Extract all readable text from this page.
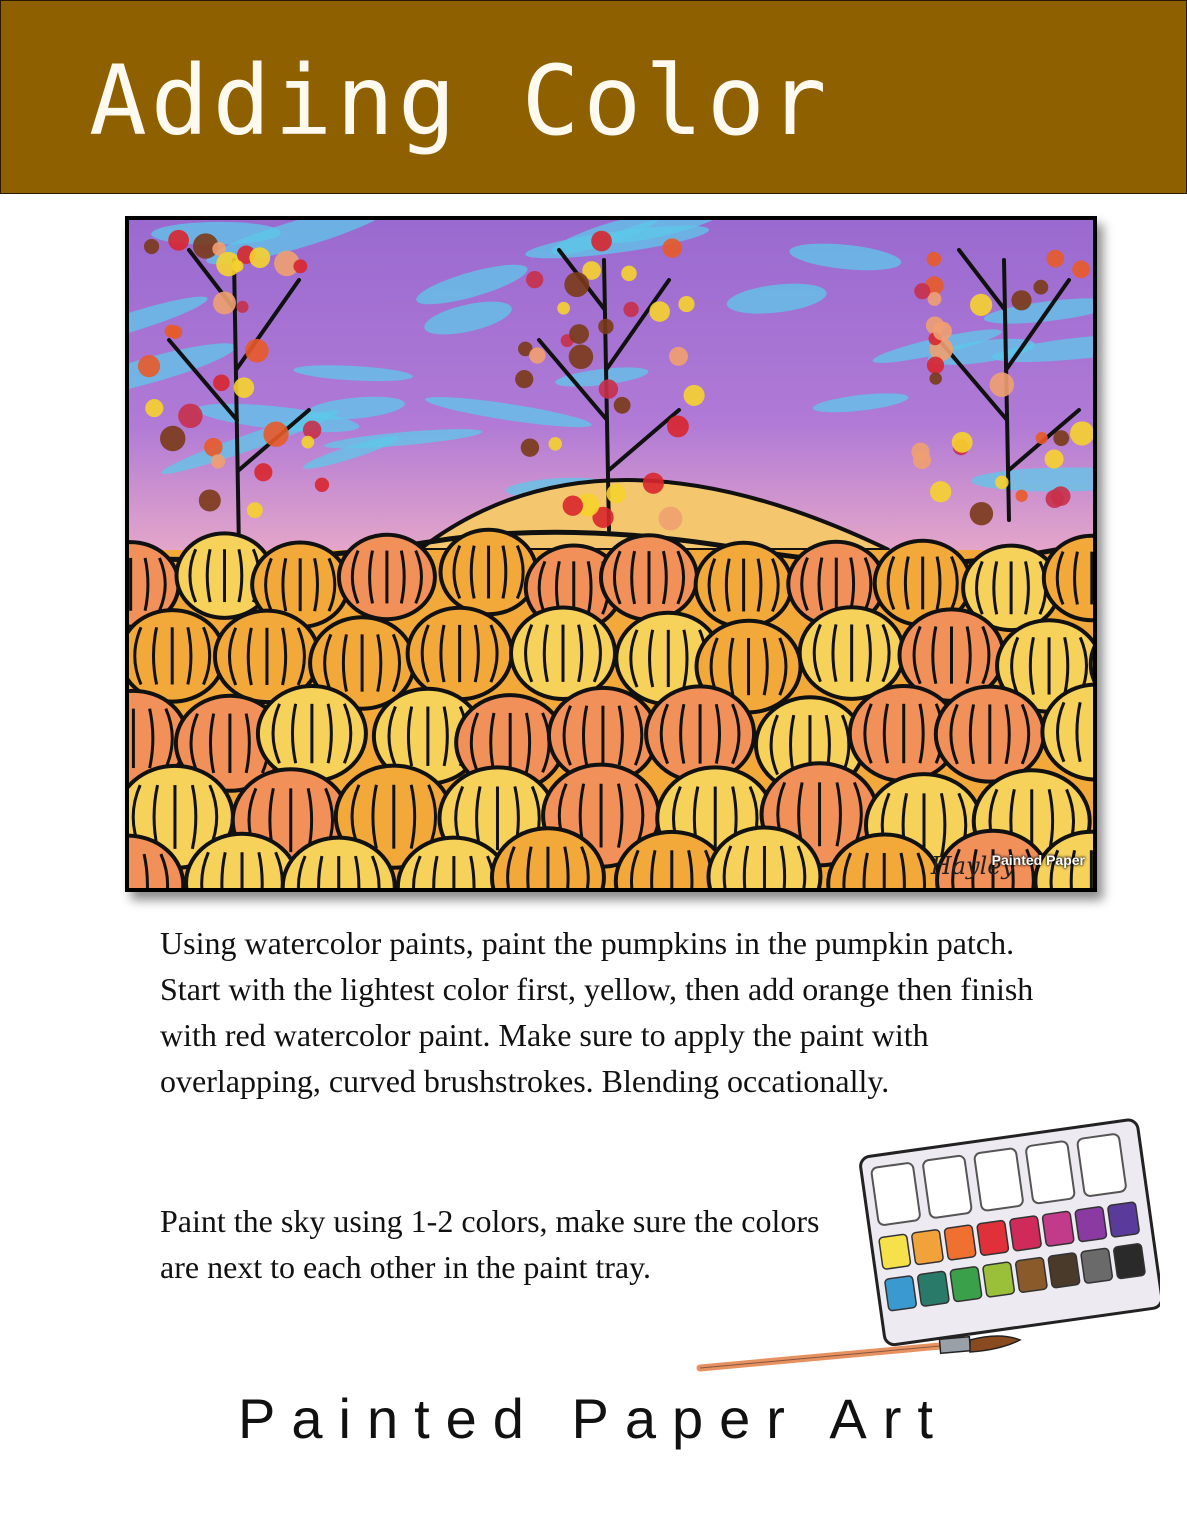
Adding Color
Hayley
Painted Paper
Using watercolor paints, paint the pumpkins in the pumpkin patch. Start with the lightest color first, yellow, then add orange then finish with red watercolor paint. Make sure to apply the paint with overlapping, curved brushstrokes. Blending occationally.
Paint the sky using 1-2 colors, make sure the colors are next to each other in the paint tray.
Painted Paper Art
